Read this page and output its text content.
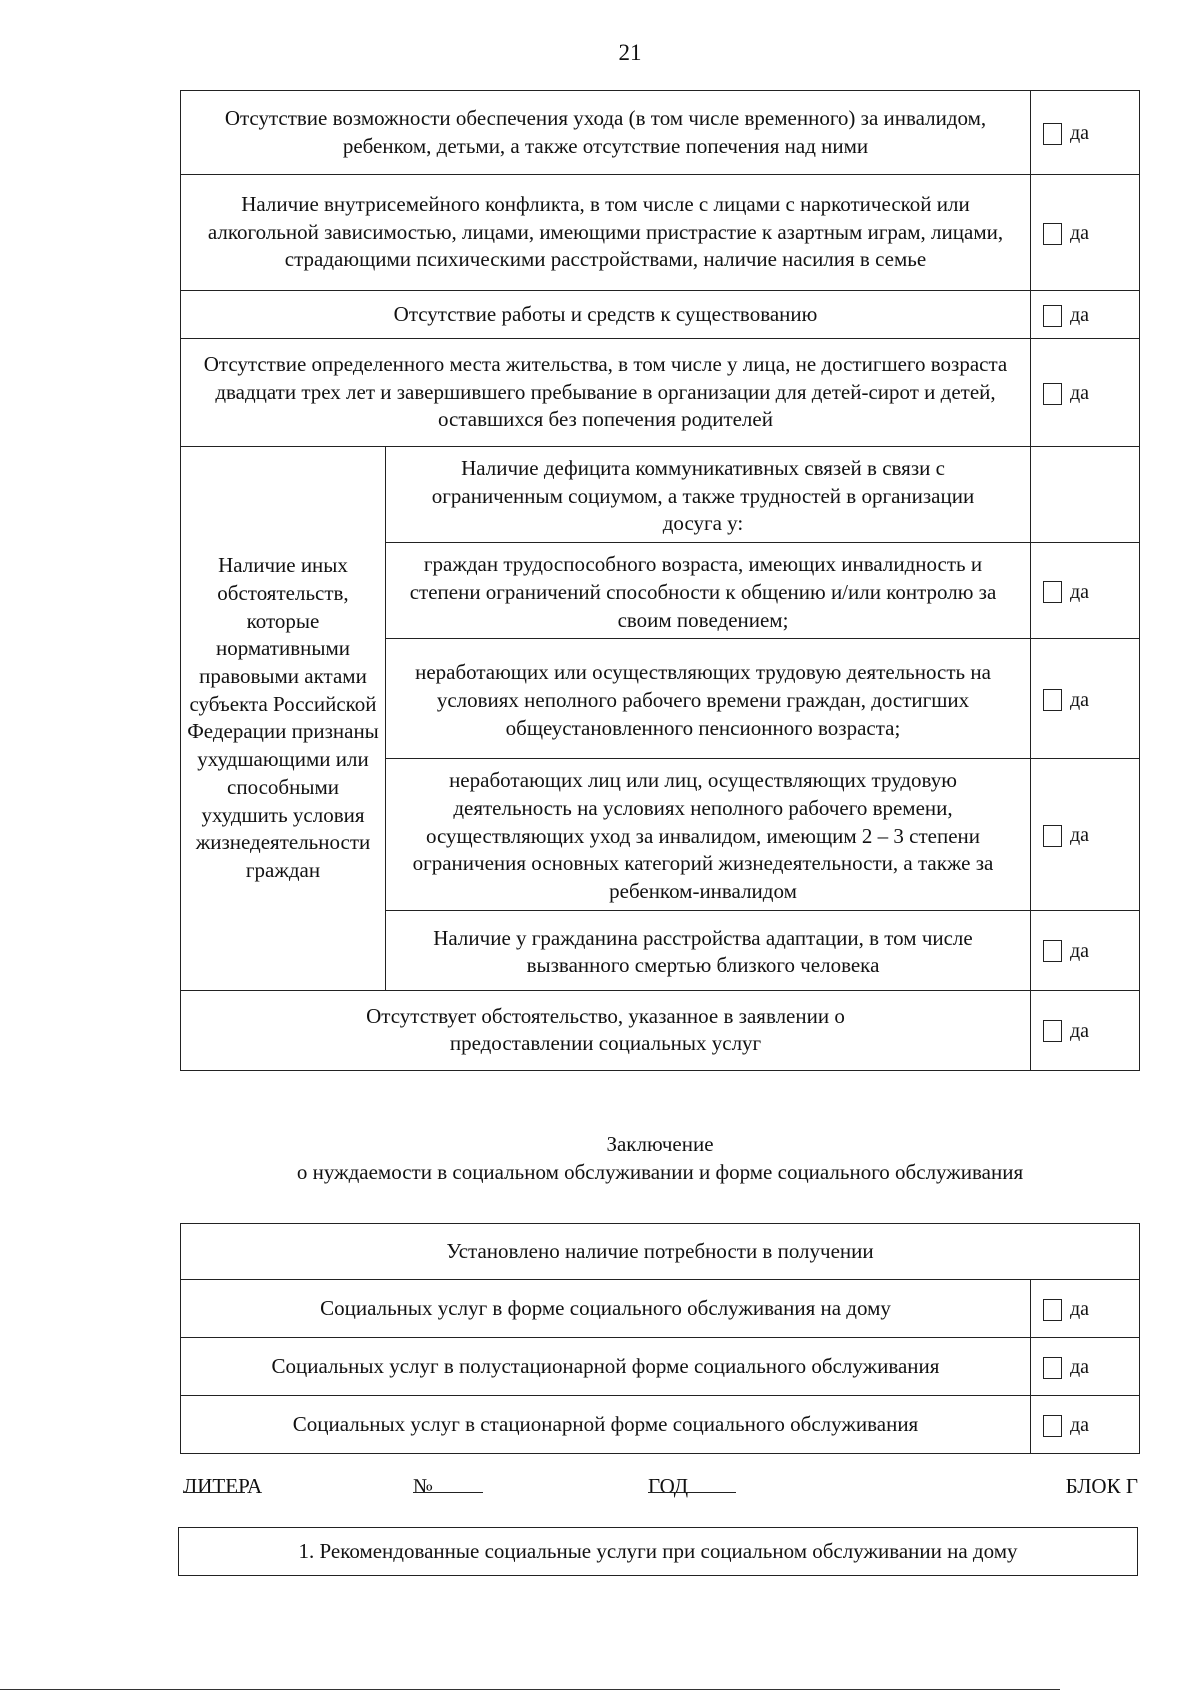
21
Отсутствие возможности обеспечения ухода (в том числе временного) за инвалидом, ребенком, детьми, а также отсутствие попечения над ними		да
Наличие внутрисемейного конфликта, в том числе с лицами с наркотической или алкогольной зависимостью, лицами, имеющими пристрастие к азартным играм, лицами, страдающими психическими расстройствами, наличие насилия в семье		да
Отсутствие работы и средств к существованию		да
Отсутствие определенного места жительства, в том числе у лица, не достигшего возраста двадцати трех лет и завершившего пребывание в организации для детей-сирот и детей, оставшихся без попечения родителей		да
Наличие иных обстоятельств, которые нормативными правовыми актами субъекта Российской Федерации признаны ухудшающими или способными ухудшить условия жизнедеятельности граждан	Наличие дефицита коммуникативных связей в связи с ограниченным социумом, а также трудностей в организации досуга у:	
	граждан трудоспособного возраста, имеющих инвалидность и степени ограничений способности к общению и/или контролю за своим поведением;	да
	неработающих или осуществляющих трудовую деятельность на условиях неполного рабочего времени граждан, достигших общеустановленного пенсионного возраста;	да
	неработающих лиц или лиц, осуществляющих трудовую деятельность на условиях неполного рабочего времени, осуществляющих уход за инвалидом, имеющим 2 – 3 степени ограничения основных категорий жизнедеятельности, а также за ребенком-инвалидом	да
	Наличие у гражданина расстройства адаптации, в том числе вызванного смертью близкого человека	да
Отсутствует обстоятельство, указанное в заявлении о предоставлении социальных услуг		да
Заключение
о нуждаемости в социальном обслуживании и форме социального обслуживания
Установлено наличие потребности в получении	
Социальных услуг в форме социального обслуживания на дому	да
Социальных услуг в полустационарной форме социального обслуживания	да
Социальных услуг в стационарной форме социального обслуживания	да
ЛИТЕРА	№	ГОД	БЛОК Г
1. Рекомендованные социальные услуги при социальном обслуживании на дому
